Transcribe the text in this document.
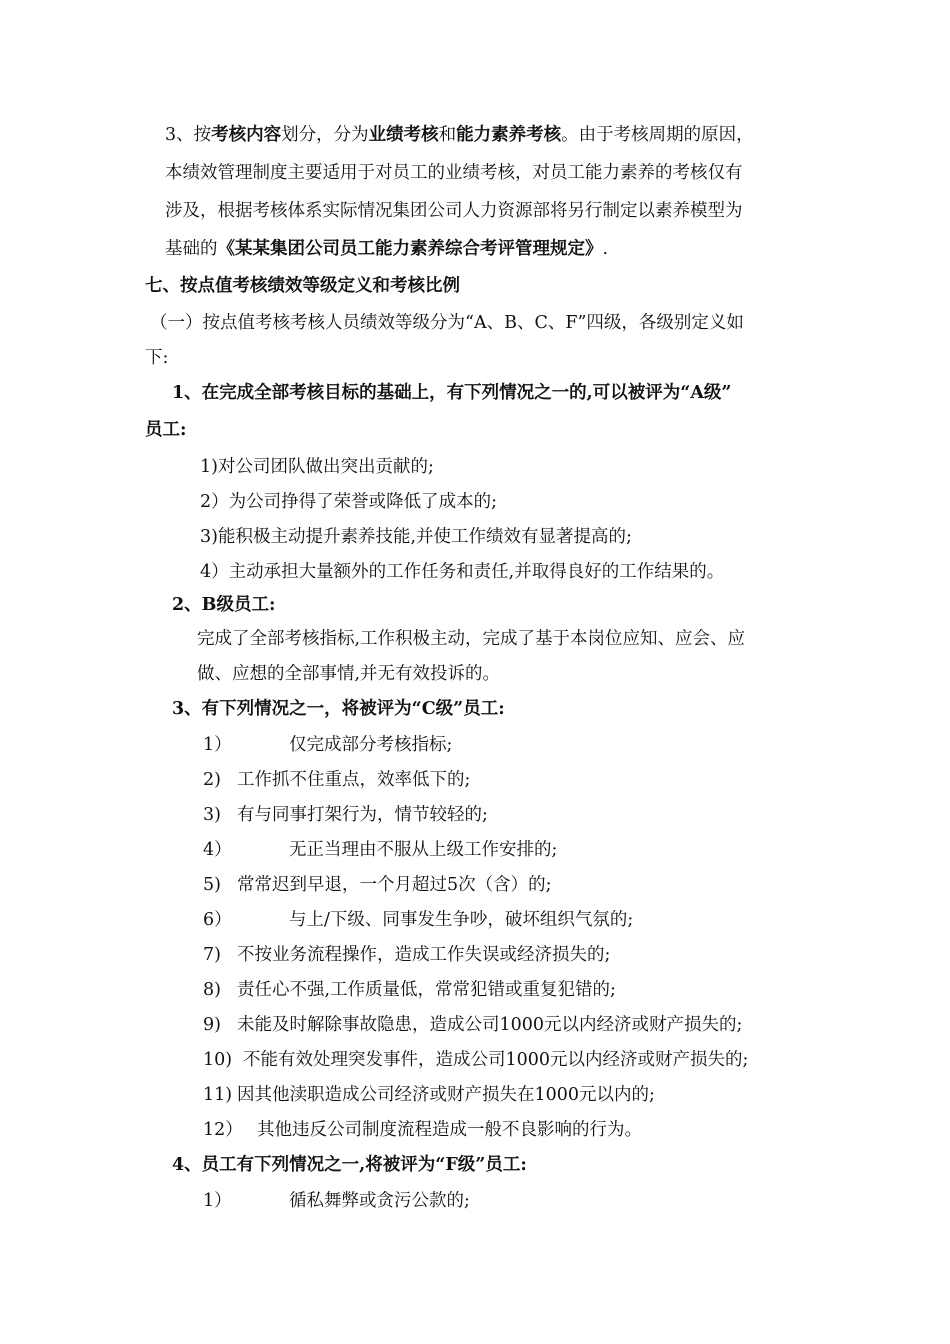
3、按考核内容划分，分为业绩考核和能力素养考核。由于考核周期的原因，
本绩效管理制度主要适用于对员工的业绩考核，对员工能力素养的考核仅有
涉及，根据考核体系实际情况集团公司人力资源部将另行制定以素养模型为
基础的《某某集团公司员工能力素养综合考评管理规定》.
七、按点值考核绩效等级定义和考核比例
（一）按点值考核考核人员绩效等级分为“A、B、C、F”四级，各级别定义如
下:
1、在完成全部考核目标的基础上，有下列情况之一的,可以被评为“A级”
员工:
1)对公司团队做出突出贡献的;
2）为公司挣得了荣誉或降低了成本的;
3)能积极主动提升素养技能,并使工作绩效有显著提高的;
4）主动承担大量额外的工作任务和责任,并取得良好的工作结果的。
2、B级员工:
完成了全部考核指标,工作积极主动，完成了基于本岗位应知、应会、应
做、应想的全部事情,并无有效投诉的。
3、有下列情况之一，将被评为“C级”员工:
1）	仅完成部分考核指标;
2) 工作抓不住重点，效率低下的;
3) 有与同事打架行为，情节较轻的;
4）	无正当理由不服从上级工作安排的;
5) 常常迟到早退，一个月超过5次（含）的;
6）	与上/下级、同事发生争吵，破坏组织气氛的;
7) 不按业务流程操作，造成工作失误或经济损失的;
8) 责任心不强,工作质量低，常常犯错或重复犯错的;
9) 未能及时解除事故隐患，造成公司1000元以内经济或财产损失的;
10) 不能有效处理突发事件，造成公司1000元以内经济或财产损失的;
11) 因其他渎职造成公司经济或财产损失在1000元以内的;
12） 其他违反公司制度流程造成一般不良影响的行为。
4、员工有下列情况之一,将被评为“F级”员工:
1）	循私舞弊或贪污公款的;
